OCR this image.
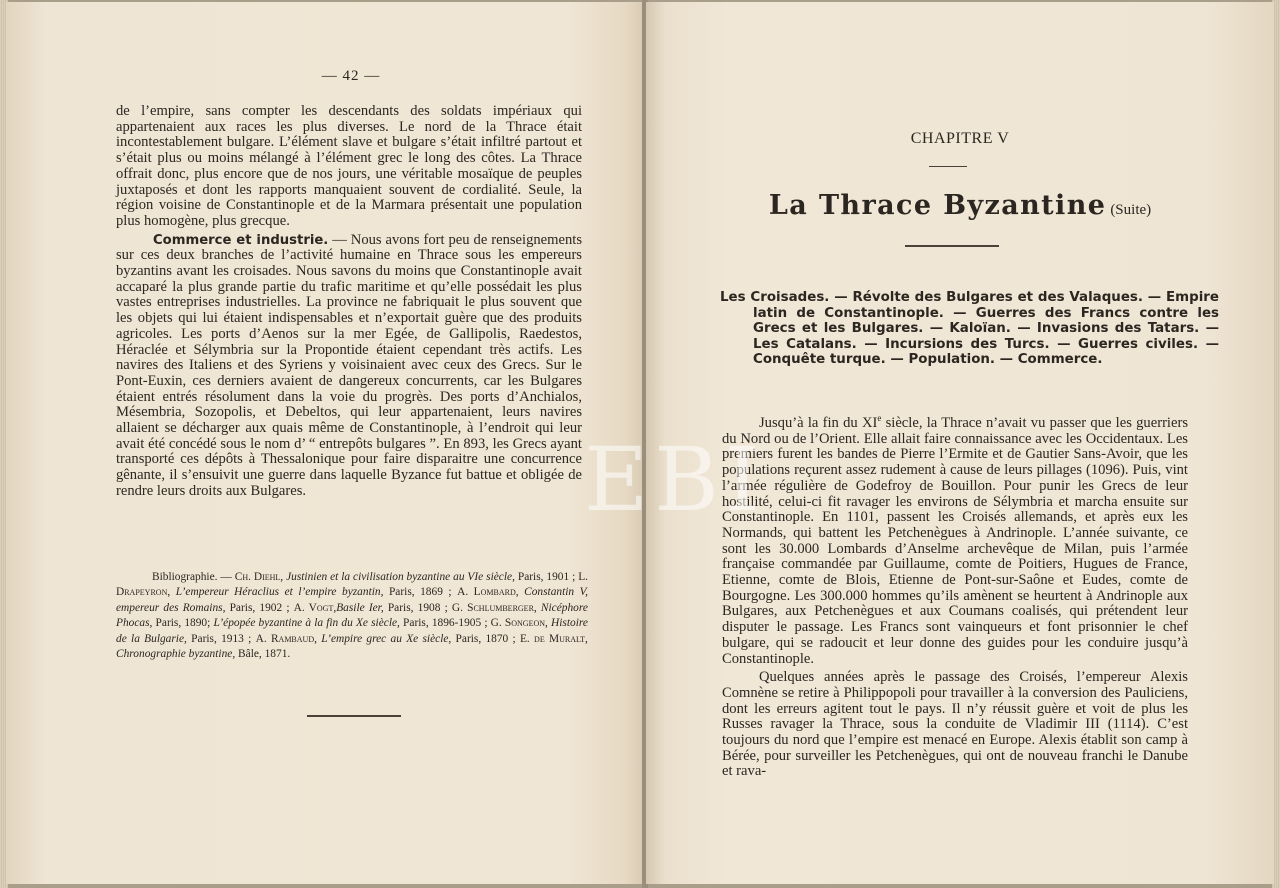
— 42 —

de l’empire, sans compter les descendants des soldats impériaux qui appartenaient aux races les plus diverses. Le nord de la Thrace était incontestablement bulgare. L’élément slave et bulgare s’était infiltré partout et s’était plus ou moins mélangé à l’élément grec le long des côtes. La Thrace offrait donc, plus encore que de nos jours, une véritable mosaïque de peuples juxtaposés et dont les rapports manquaient souvent de cordialité. Seule, la région voisine de Constantinople et de la Marmara présentait une population plus homogène, plus grecque.

Commerce et industrie. — Nous avons fort peu de renseignements sur ces deux branches de l’activité humaine en Thrace sous les empereurs byzantins avant les croisades. Nous savons du moins que Constantinople avait accaparé la plus grande partie du trafic maritime et qu’elle possédait les plus vastes entreprises industrielles. La province ne fabriquait le plus souvent que les objets qui lui étaient indispensables et n’exportait guère que des produits agricoles. Les ports d’Aenos sur la mer Egée, de Gallipolis, Raedestos, Héraclée et Sélymbria sur la Propontide étaient cependant très actifs. Les navires des Italiens et des Syriens y voisinaient avec ceux des Grecs. Sur le Pont-Euxin, ces derniers avaient de dangereux concurrents, car les Bulgares étaient entrés résolument dans la voie du progrès. Des ports d’Anchialos, Mésembria, Sozopolis, et Debeltos, qui leur appartenaient, leurs navires allaient se décharger aux quais même de Constantinople, à l’endroit qui leur avait été concédé sous le nom d’ “ entrepôts bulgares ”. En 893, les Grecs ayant transporté ces dépôts à Thessalonique pour faire disparaitre une concurrence gênante, il s’ensuivit une guerre dans laquelle Byzance fut battue et obligée de rendre leurs droits aux Bulgares.

Bibliographie. — Ch. Diehl, Justinien et la civilisation byzantine au VIe siècle, Paris, 1901 ; L. Drapeyron, L’empereur Héraclius et l’empire byzantin, Paris, 1869 ; A. Lombard, Constantin V, empereur des Romains, Paris, 1902 ; A. Vogt,Basile Ier, Paris, 1908 ; G. Schlumberger, Nicéphore Phocas, Paris, 1890; L’épopée byzantine à la fin du Xe siècle, Paris, 1896-1905 ; G. Songeon, Histoire de la Bulgarie, Paris, 1913 ; A. Rambaud, L’empire grec au Xe siècle, Paris, 1870 ; E. de Muralt, Chronographie byzantine, Bâle, 1871.
CHAPITRE V
La Thrace Byzantine (Suite)
Les Croisades. — Révolte des Bulgares et des Valaques. — Empire latin de Constantinople. — Guerres des Francs contre les Grecs et les Bulgares. — Kaloïan. — Invasions des Tatars. — Les Catalans. — Incursions des Turcs. — Guerres civiles. — Conquête turque. — Population. — Commerce.

Jusqu’à la fin du XIe siècle, la Thrace n’avait vu passer que les guerriers du Nord ou de l’Orient. Elle allait faire connaissance avec les Occidentaux. Les premiers furent les bandes de Pierre l’Ermite et de Gautier Sans-Avoir, que les populations reçurent assez rudement à cause de leurs pillages (1096). Puis, vint l’armée régulière de Godefroy de Bouillon. Pour punir les Grecs de leur hostilité, celui-ci fit ravager les environs de Sélymbria et marcha ensuite sur Constantinople. En 1101, passent les Croisés allemands, et après eux les Normands, qui battent les Petchenègues à Andrinople. L’année suivante, ce sont les 30.000 Lombards d’Anselme archevêque de Milan, puis l’armée française commandée par Guillaume, comte de Poitiers, Hugues de France, Etienne, comte de Blois, Etienne de Pont-sur-Saône et Eudes, comte de Bourgogne. Les 300.000 hommes qu’ils amènent se heurtent à Andrinople aux Bulgares, aux Petchenègues et aux Coumans coalisés, qui prétendent leur disputer le passage. Les Francs sont vainqueurs et font prisonnier le chef bulgare, qui se radoucit et leur donne des guides pour les conduire jusqu’à Constantinople.

Quelques années après le passage des Croisés, l’empereur Alexis Comnène se retire à Philippopoli pour travailler à la conversion des Pauliciens, dont les erreurs agitent tout le pays. Il n’y réussit guère et voit de plus les Russes ravager la Thrace, sous la conduite de Vladimir III (1114). C’est toujours du nord que l’empire est menacé en Europe. Alexis établit son camp à Bérée, pour surveiller les Petchenègues, qui ont de nouveau franchi le Danube et rava-

EBI
